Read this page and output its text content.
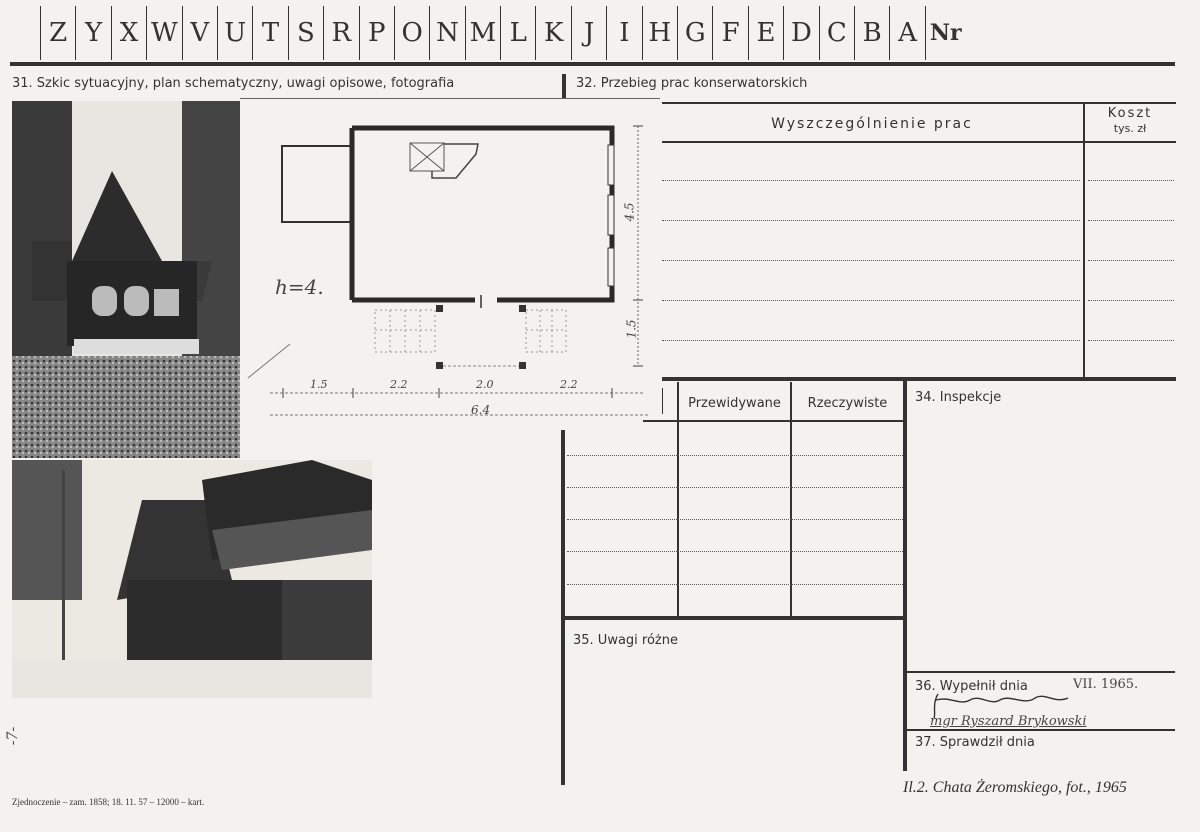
Z Y X W V U T S R P O N M L K J I H G F E D C B A Nr
31. Szkic sytuacyjny, plan schematyczny, uwagi opisowe, fotografia	32. Przebieg prac konserwatorskich
h=4.
4.5
1.5
1.5	2.2	2.0	2.2
6.4
Wyszczególnienie prac
Koszt
tys. zł
Przewidywane	Rzeczywiste	34. Inspekcje
35. Uwagi różne
36. Wypełnił dnia	VII. 1965.
mgr Ryszard Brykowski
37. Sprawdził dnia
-7-
Zjednoczenie – zam. 1858; 18. 11. 57 – 12000 – kart.
Il.2. Chata Żeromskiego, fot., 1965
